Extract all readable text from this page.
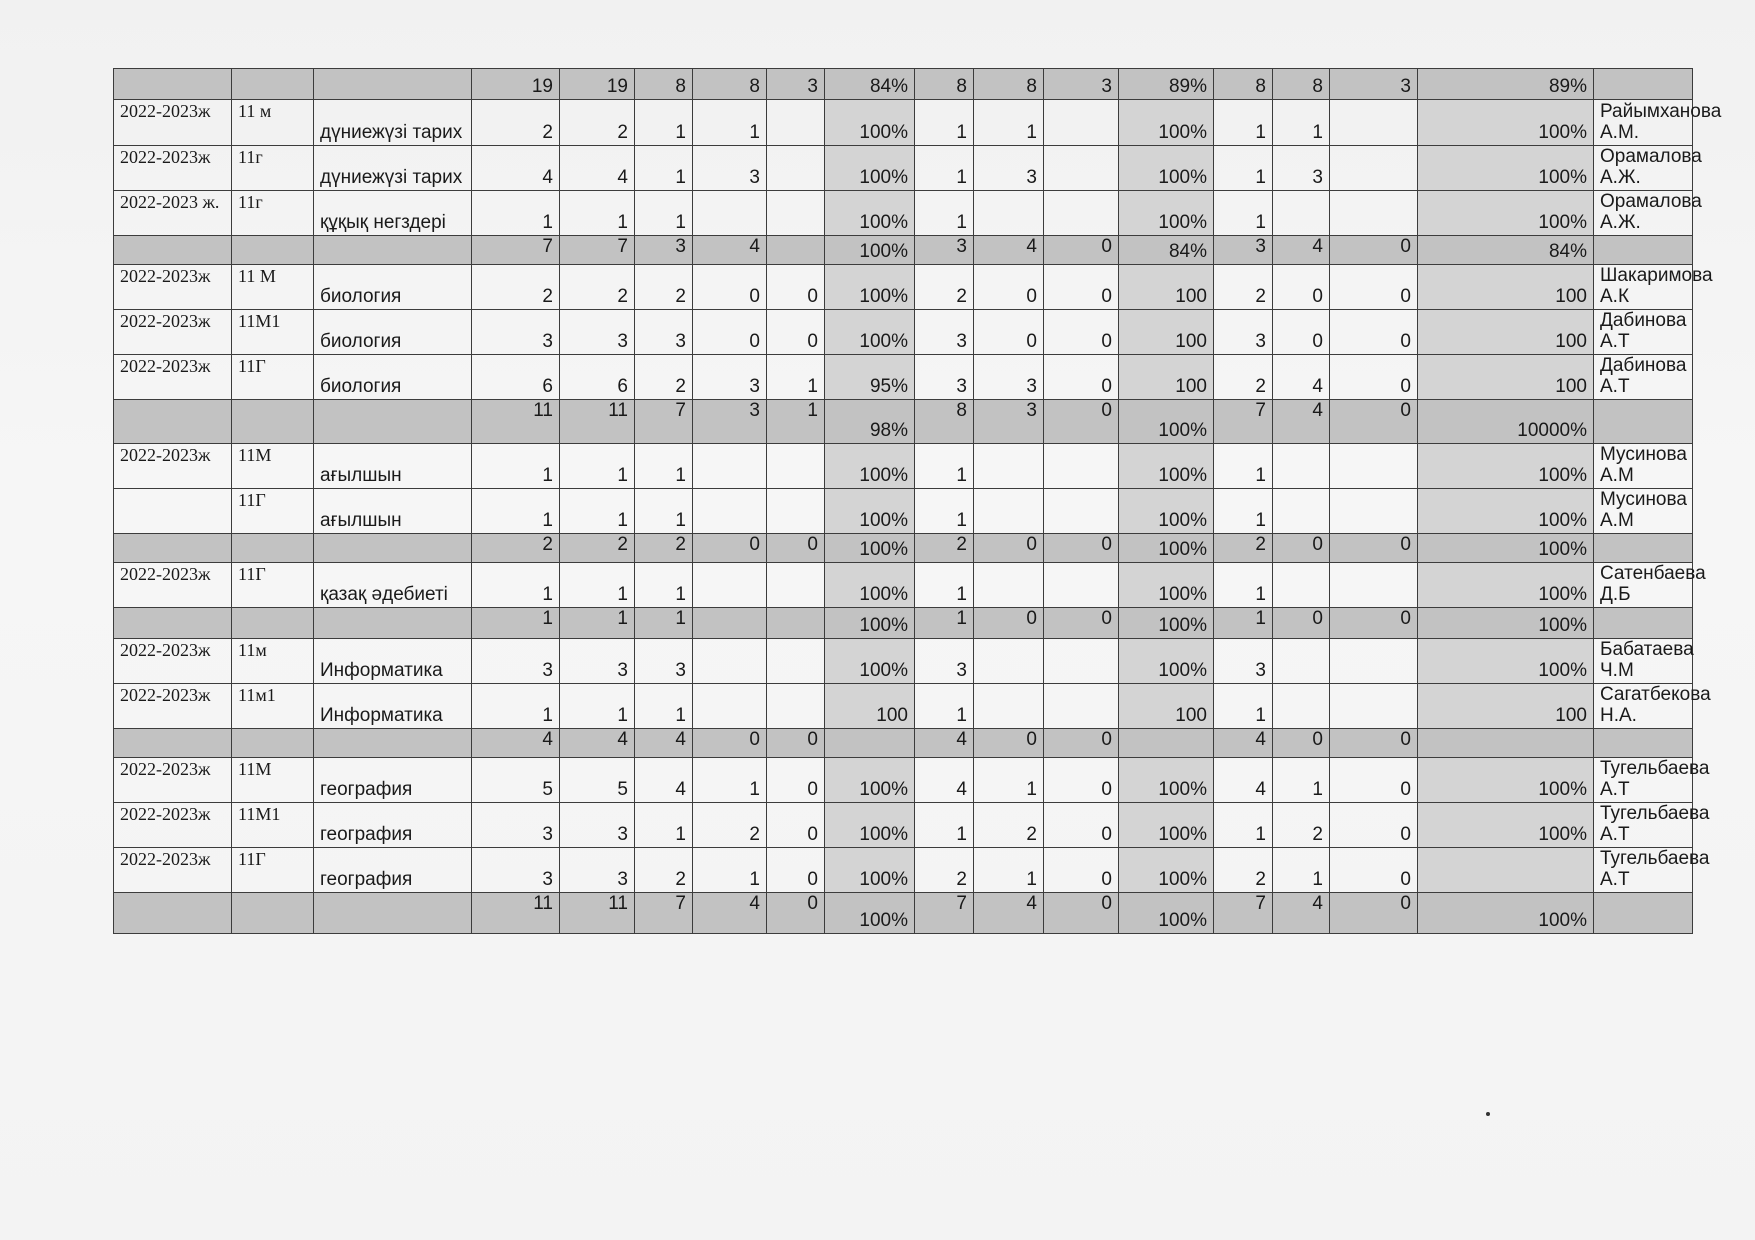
			19	19	8	8	3	84%	8	8	3	89%	8	8	3	89%	
2022-2023ж	11 м	дүниежүзі тарих	2	2	1	1		100%	1	1		100%	1	1		100%	Райымханова А.М.
2022-2023ж	11г	дүниежүзі тарих	4	4	1	3		100%	1	3		100%	1	3		100%	Орамалова А.Ж.
2022-2023 ж.	11г	құқық негздері	1	1	1			100%	1			100%	1			100%	Орамалова А.Ж.
			7	7	3	4		100%	3	4	0	84%	3	4	0	84%	
2022-2023ж	11 М	биология	2	2	2	0	0	100%	2	0	0	100	2	0	0	100	Шакаримова А.К
2022-2023ж	11М1	биология	3	3	3	0	0	100%	3	0	0	100	3	0	0	100	Дабинова А.Т
2022-2023ж	11Г	биология	6	6	2	3	1	95%	3	3	0	100	2	4	0	100	Дабинова А.Т
			11	11	7	3	1	98%	8	3	0	100%	7	4	0	10000%	
2022-2023ж	11М	ағылшын	1	1	1			100%	1			100%	1			100%	Мусинова А.М
	11Г	ағылшын	1	1	1			100%	1			100%	1			100%	Мусинова А.М
			2	2	2	0	0	100%	2	0	0	100%	2	0	0	100%	
2022-2023ж	11Г	қазақ әдебиеті	1	1	1			100%	1			100%	1			100%	Сатенбаева Д.Б
			1	1	1			100%	1	0	0	100%	1	0	0	100%	
2022-2023ж	11м	Информатика	3	3	3			100%	3			100%	3			100%	Бабатаева Ч.М
2022-2023ж	11м1	Информатика	1	1	1			100	1			100	1			100	Сагатбекова Н.А.
			4	4	4	0	0		4	0	0		4	0	0		
2022-2023ж	11М	география	5	5	4	1	0	100%	4	1	0	100%	4	1	0	100%	Тугельбаева А.Т
2022-2023ж	11М1	география	3	3	1	2	0	100%	1	2	0	100%	1	2	0	100%	Тугельбаева А.Т
2022-2023ж	11Г	география	3	3	2	1	0	100%	2	1	0	100%	2	1	0		Тугельбаева А.Т
			11	11	7	4	0	100%	7	4	0	100%	7	4	0	100%	
